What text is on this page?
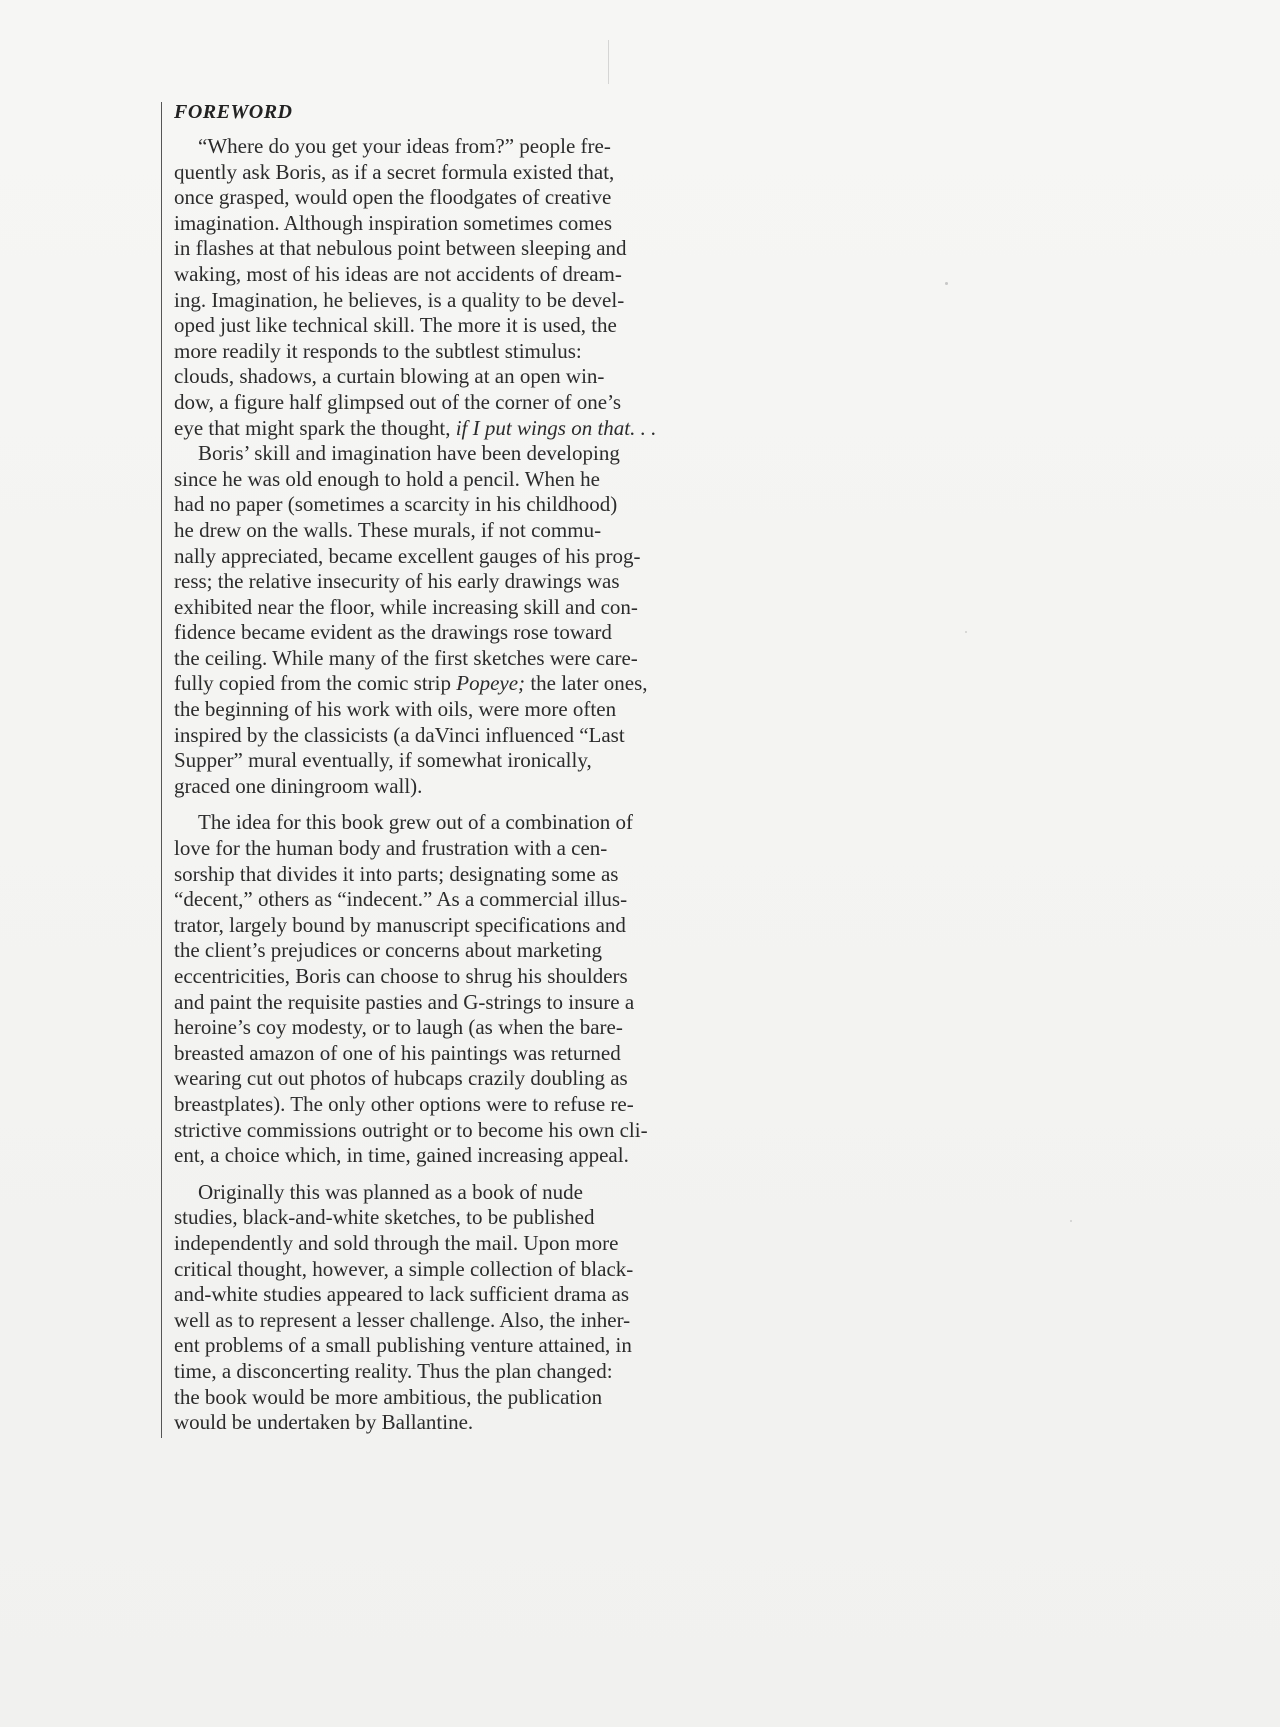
FOREWORD
“Where do you get your ideas from?” people fre-
quently ask Boris, as if a secret formula existed that,
once grasped, would open the floodgates of creative
imagination. Although inspiration sometimes comes
in flashes at that nebulous point between sleeping and
waking, most of his ideas are not accidents of dream-
ing. Imagination, he believes, is a quality to be devel-
oped just like technical skill. The more it is used, the
more readily it responds to the subtlest stimulus:
clouds, shadows, a curtain blowing at an open win-
dow, a figure half glimpsed out of the corner of one’s
eye that might spark the thought, if I put wings on that. . .
Boris’ skill and imagination have been developing
since he was old enough to hold a pencil. When he
had no paper (sometimes a scarcity in his childhood)
he drew on the walls. These murals, if not commu-
nally appreciated, became excellent gauges of his prog-
ress; the relative insecurity of his early drawings was
exhibited near the floor, while increasing skill and con-
fidence became evident as the drawings rose toward
the ceiling. While many of the first sketches were care-
fully copied from the comic strip Popeye; the later ones,
the beginning of his work with oils, were more often
inspired by the classicists (a daVinci influenced “Last
Supper” mural eventually, if somewhat ironically,
graced one diningroom wall).
The idea for this book grew out of a combination of
love for the human body and frustration with a cen-
sorship that divides it into parts; designating some as
“decent,” others as “indecent.” As a commercial illus-
trator, largely bound by manuscript specifications and
the client’s prejudices or concerns about marketing
eccentricities, Boris can choose to shrug his shoulders
and paint the requisite pasties and G-strings to insure a
heroine’s coy modesty, or to laugh (as when the bare-
breasted amazon of one of his paintings was returned
wearing cut out photos of hubcaps crazily doubling as
breastplates). The only other options were to refuse re-
strictive commissions outright or to become his own cli-
ent, a choice which, in time, gained increasing appeal.
Originally this was planned as a book of nude
studies, black-and-white sketches, to be published
independently and sold through the mail. Upon more
critical thought, however, a simple collection of black-
and-white studies appeared to lack sufficient drama as
well as to represent a lesser challenge. Also, the inher-
ent problems of a small publishing venture attained, in
time, a disconcerting reality. Thus the plan changed:
the book would be more ambitious, the publication
would be undertaken by Ballantine.
